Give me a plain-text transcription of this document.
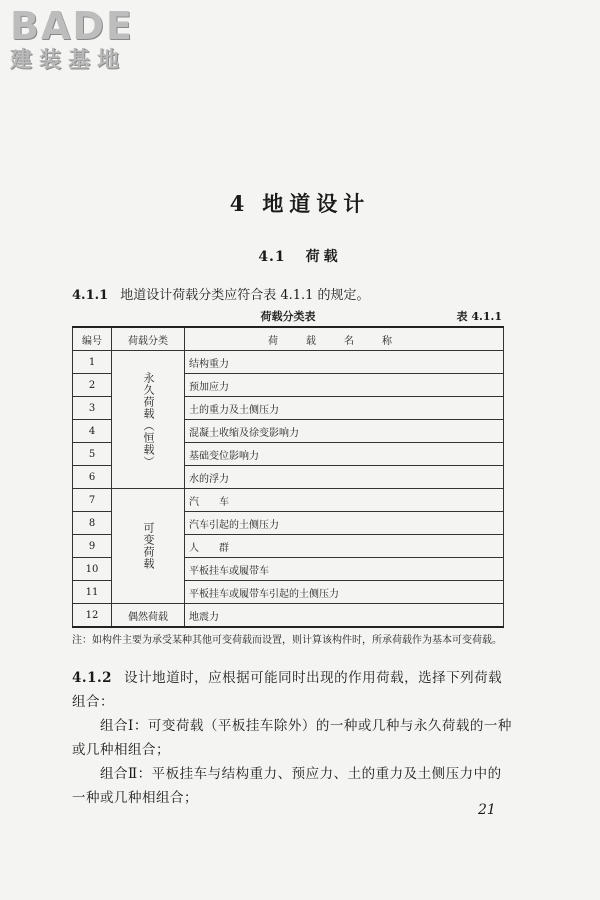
BADE
建装基地
4 地道设计
4.1 荷载
4.1.1 地道设计荷载分类应符合表 4.1.1 的规定。
荷载分类表	表 4.1.1
编号	荷载分类	荷载名称
1	永久荷载（恒载）	结构重力
2		预加应力
3		土的重力及土侧压力
4		混凝土收缩及徐变影响力
5		基础变位影响力
6		水的浮力
7	可变荷载	汽　　车
8		汽车引起的土侧压力
9		人　　群
10		平板挂车或履带车
11		平板挂车或履带车引起的土侧压力
12	偶然荷载	地震力
注：如构件主要为承受某种其他可变荷载而设置，则计算该构件时，所承荷载作为基本可变荷载。

4.1.2 设计地道时，应根据可能同时出现的作用荷载，选择下列荷载组合：

组合Ⅰ：可变荷载（平板挂车除外）的一种或几种与永久荷载的一种或几种相组合；

组合Ⅱ：平板挂车与结构重力、预应力、土的重力及土侧压力中的一种或几种相组合；

21
